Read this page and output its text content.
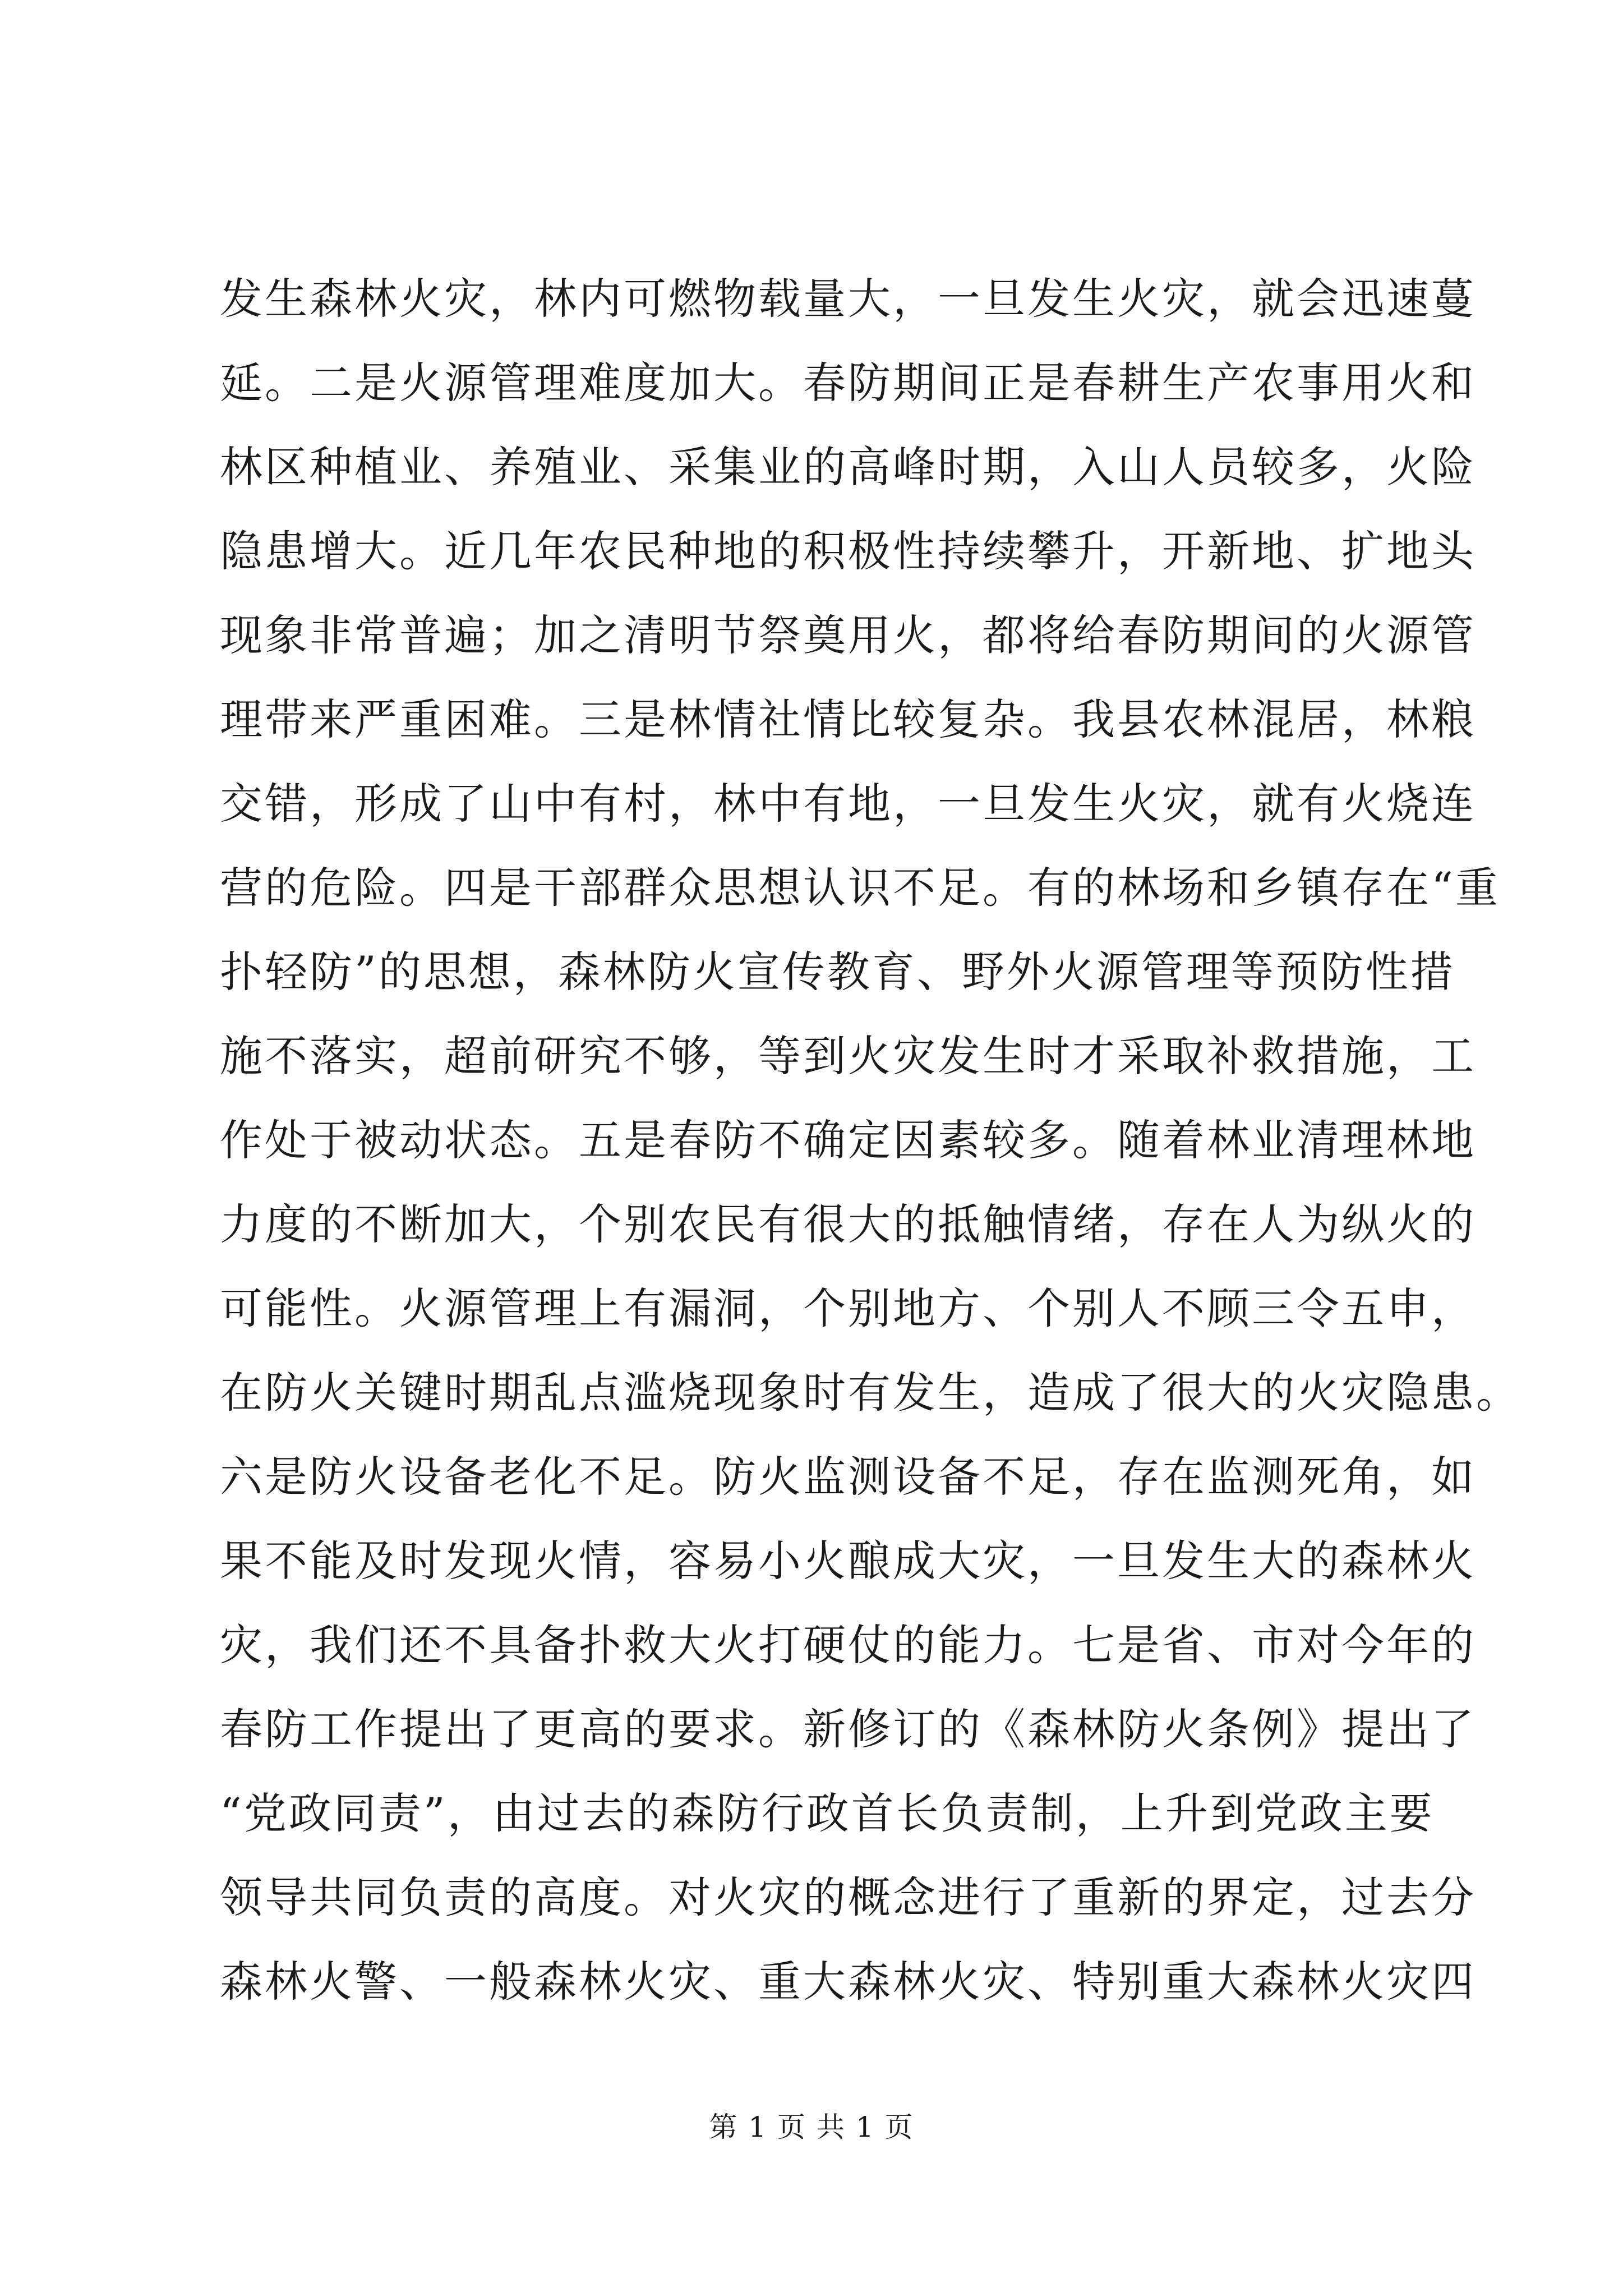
发生森林火灾，林内可燃物载量大，一旦发生火灾，就会迅速蔓
延。二是火源管理难度加大。春防期间正是春耕生产农事用火和
林区种植业、养殖业、采集业的高峰时期，入山人员较多，火险
隐患增大。近几年农民种地的积极性持续攀升，开新地、扩地头
现象非常普遍；加之清明节祭奠用火，都将给春防期间的火源管
理带来严重困难。三是林情社情比较复杂。我县农林混居，林粮
交错，形成了山中有村，林中有地，一旦发生火灾，就有火烧连
营的危险。四是干部群众思想认识不足。有的林场和乡镇存在“重
扑轻防”的思想，森林防火宣传教育、野外火源管理等预防性措
施不落实，超前研究不够，等到火灾发生时才采取补救措施，工
作处于被动状态。五是春防不确定因素较多。随着林业清理林地
力度的不断加大，个别农民有很大的抵触情绪，存在人为纵火的
可能性。火源管理上有漏洞，个别地方、个别人不顾三令五申，
在防火关键时期乱点滥烧现象时有发生，造成了很大的火灾隐患。
六是防火设备老化不足。防火监测设备不足，存在监测死角，如
果不能及时发现火情，容易小火酿成大灾，一旦发生大的森林火
灾，我们还不具备扑救大火打硬仗的能力。七是省、市对今年的
春防工作提出了更高的要求。新修订的《森林防火条例》提出了
“党政同责”，由过去的森防行政首长负责制，上升到党政主要
领导共同负责的高度。对火灾的概念进行了重新的界定，过去分
森林火警、一般森林火灾、重大森林火灾、特别重大森林火灾四
第 1 页 共 1 页
